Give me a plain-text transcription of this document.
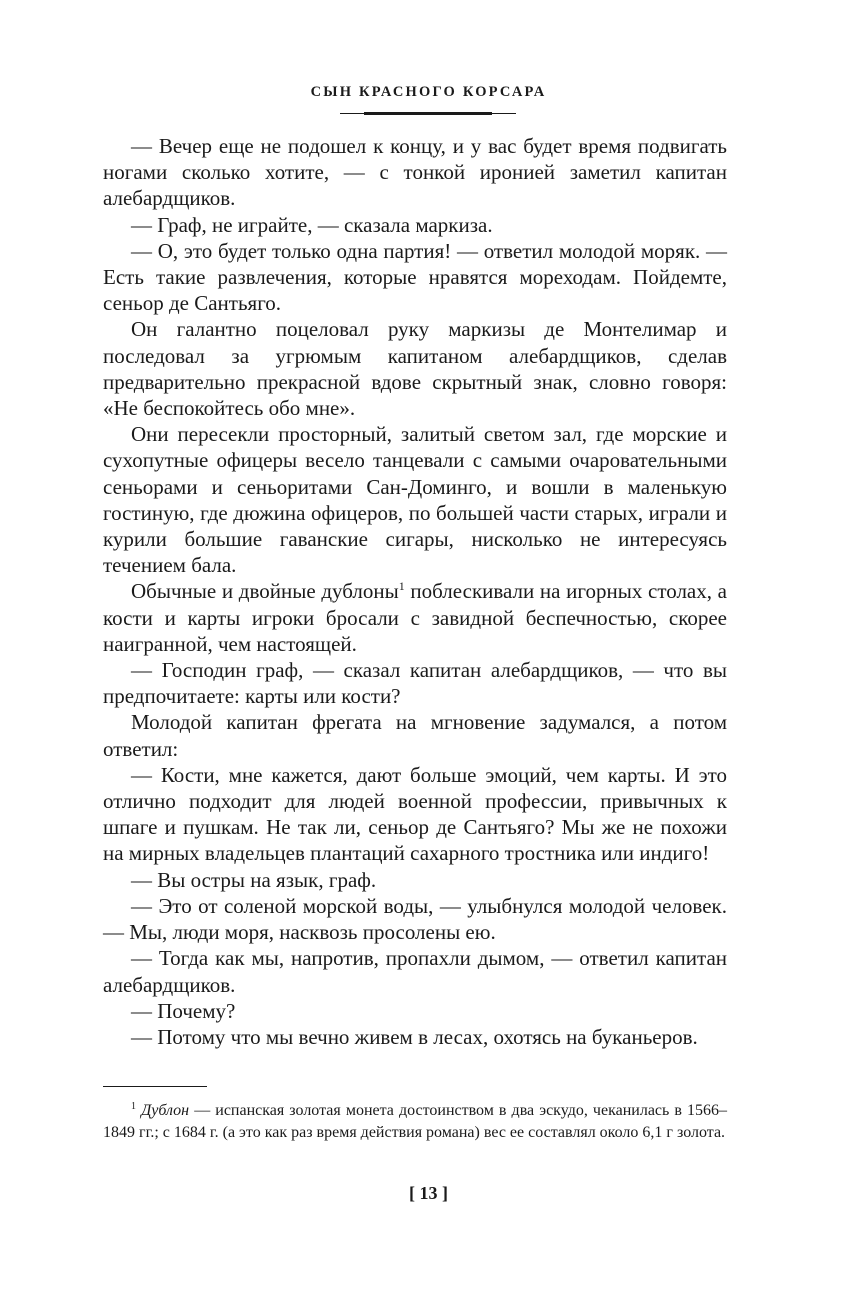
СЫН КРАСНОГО КОРСАРА

— Вечер еще не подошел к концу, и у вас будет время подвигать ногами сколько хотите, — с тонкой иронией заметил капитан алебардщиков.

— Граф, не играйте, — сказала маркиза.

— О, это будет только одна партия! — ответил молодой моряк. — Есть такие развлечения, которые нравятся мореходам. Пойдемте, сеньор де Сантьяго.

Он галантно поцеловал руку маркизы де Монтелимар и последовал за угрюмым капитаном алебардщиков, сделав предварительно прекрасной вдове скрытный знак, словно говоря: «Не беспокойтесь обо мне».

Они пересекли просторный, залитый светом зал, где морские и сухопутные офицеры весело танцевали с самыми очаровательными сеньорами и сеньоритами Сан-Доминго, и вошли в маленькую гостиную, где дюжина офицеров, по большей части старых, играли и курили большие гаванские сигары, нисколько не интересуясь течением бала.

Обычные и двойные дублоны$^1$ поблескивали на игорных столах, а кости и карты игроки бросали с завидной беспечностью, скорее наигранной, чем настоящей.

— Господин граф, — сказал капитан алебардщиков, — что вы предпочитаете: карты или кости?

Молодой капитан фрегата на мгновение задумался, а потом ответил:

— Кости, мне кажется, дают больше эмоций, чем карты. И это отлично подходит для людей военной профессии, привычных к шпаге и пушкам. Не так ли, сеньор де Сантьяго? Мы же не похожи на мирных владельцев плантаций сахарного тростника или индиго!

— Вы остры на язык, граф.

— Это от соленой морской воды, — улыбнулся молодой человек. — Мы, люди моря, насквозь просолены ею.

— Тогда как мы, напротив, пропахли дымом, — ответил капитан алебардщиков.

— Почему?

— Потому что мы вечно живем в лесах, охотясь на буканьеров.

$^1$ Дублон — испанская золотая монета достоинством в два эскудо, чеканилась в 1566–1849 гг.; с 1684 г. (а это как раз время действия романа) вес ее составлял около 6,1 г золота.

[ 13 ]
